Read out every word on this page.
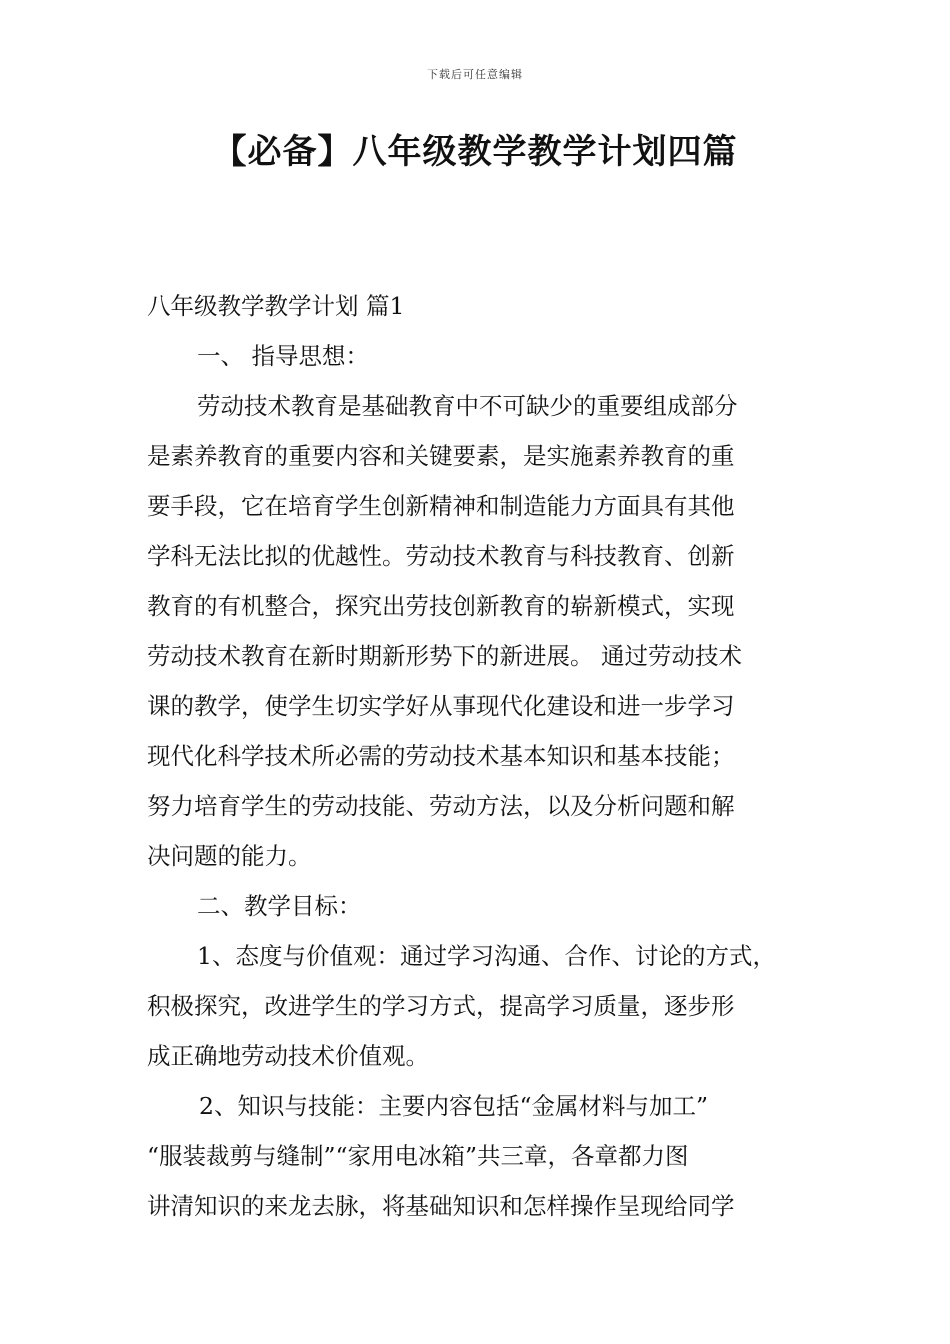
下载后可任意编辑
【必备】八年级教学教学计划四篇
八年级教学教学计划 篇1
一、 指导思想：
劳动技术教育是基础教育中不可缺少的重要组成部分
是素养教育的重要内容和关键要素，是实施素养教育的重
要手段，它在培育学生创新精神和制造能力方面具有其他
学科无法比拟的优越性。劳动技术教育与科技教育、创新
教育的有机整合，探究出劳技创新教育的崭新模式，实现
劳动技术教育在新时期新形势下的新进展。 通过劳动技术
课的教学，使学生切实学好从事现代化建设和进一步学习
现代化科学技术所必需的劳动技术基本知识和基本技能；
努力培育学生的劳动技能、劳动方法，以及分析问题和解
决问题的能力。
二、教学目标：
1、态度与价值观：通过学习沟通、合作、讨论的方式，
积极探究，改进学生的学习方式，提高学习质量，逐步形
成正确地劳动技术价值观。
2、知识与技能：主要内容包括“金属材料与加工”
“服装裁剪与缝制”“家用电冰箱”共三章，各章都力图
讲清知识的来龙去脉，将基础知识和怎样操作呈现给同学
